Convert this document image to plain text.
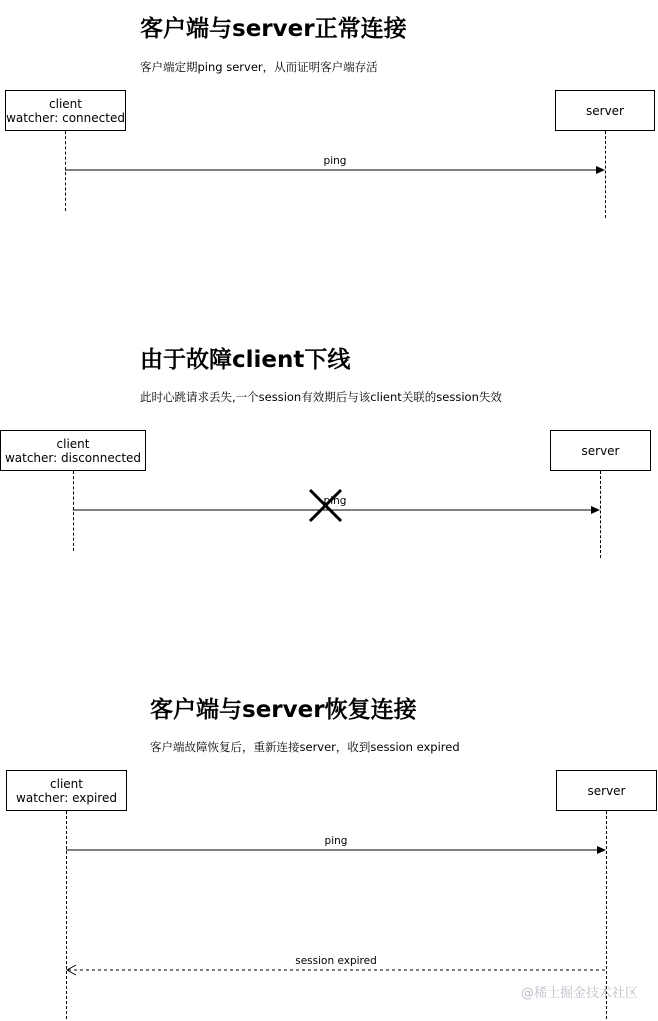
客户端与server正常连接
客户端定期ping server，从而证明客户端存活
client
watcher: connected	server
ping
由于故障client下线
此时心跳请求丢失,一个session有效期后与该client关联的session失效
client
watcher: disconnected	server
ping
客户端与server恢复连接
客户端故障恢复后，重新连接server，收到session expired
client
watcher: expired	server
ping
session expired
@稀土掘金技术社区
